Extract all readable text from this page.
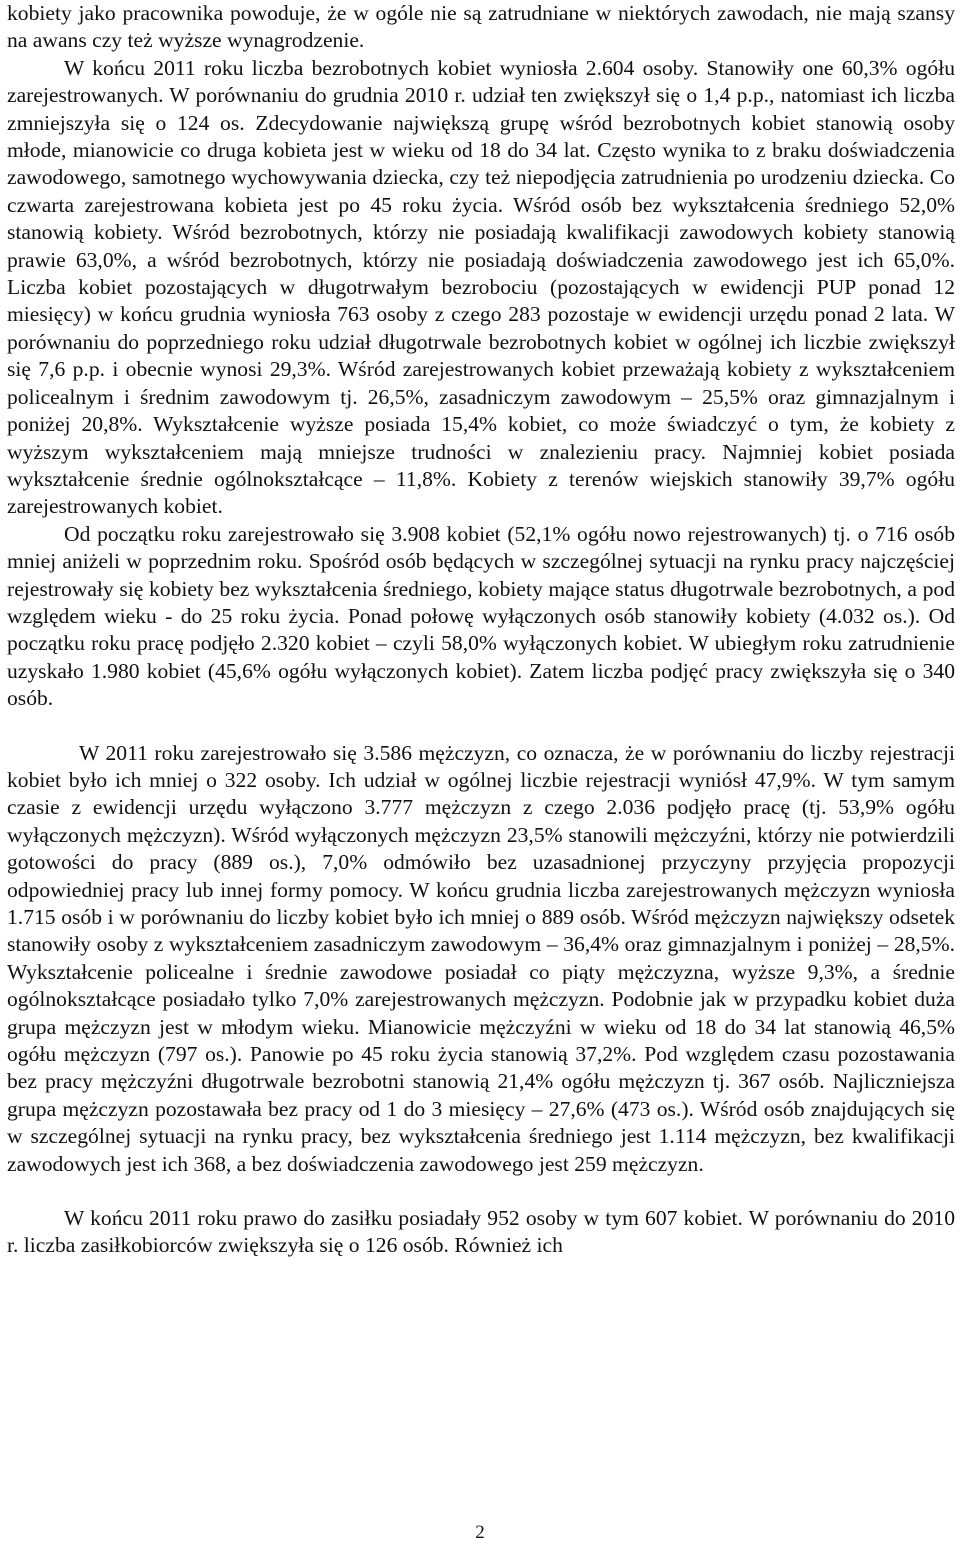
kobiety jako pracownika powoduje, że w ogóle nie są zatrudniane w niektórych zawodach, nie mają szansy na awans czy też wyższe wynagrodzenie.

W końcu 2011 roku liczba bezrobotnych kobiet wyniosła 2.604 osoby. Stanowiły one 60,3% ogółu zarejestrowanych. W porównaniu do grudnia 2010 r. udział ten zwiększył się o 1,4 p.p., natomiast ich liczba zmniejszyła się o 124 os. Zdecydowanie największą grupę wśród bezrobotnych kobiet stanowią osoby młode, mianowicie co druga kobieta jest w wieku od 18 do 34 lat. Często wynika to z braku doświadczenia zawodowego, samotnego wychowywania dziecka, czy też niepodjęcia zatrudnienia po urodzeniu dziecka. Co czwarta zarejestrowana kobieta jest po 45 roku życia. Wśród osób bez wykształcenia średniego 52,0% stanowią kobiety. Wśród bezrobotnych, którzy nie posiadają kwalifikacji zawodowych kobiety stanowią prawie 63,0%, a wśród bezrobotnych, którzy nie posiadają doświadczenia zawodowego jest ich 65,0%. Liczba kobiet pozostających w długotrwałym bezrobociu (pozostających w ewidencji PUP ponad 12 miesięcy) w końcu grudnia wyniosła 763 osoby z czego 283 pozostaje w ewidencji urzędu ponad 2 lata. W porównaniu do poprzedniego roku udział długotrwale bezrobotnych kobiet w ogólnej ich liczbie zwiększył się 7,6 p.p. i obecnie wynosi 29,3%. Wśród zarejestrowanych kobiet przeważają kobiety z wykształceniem policealnym i średnim zawodowym tj. 26,5%, zasadniczym zawodowym – 25,5% oraz gimnazjalnym i poniżej 20,8%. Wykształcenie wyższe posiada 15,4% kobiet, co może świadczyć o tym, że kobiety z wyższym wykształceniem mają mniejsze trudności w znalezieniu pracy. Najmniej kobiet posiada wykształcenie średnie ogólnokształcące – 11,8%. Kobiety z terenów wiejskich stanowiły 39,7% ogółu zarejestrowanych kobiet.

Od początku roku zarejestrowało się 3.908 kobiet (52,1% ogółu nowo rejestrowanych) tj. o 716 osób mniej aniżeli w poprzednim roku. Spośród osób będących w szczególnej sytuacji na rynku pracy najczęściej rejestrowały się kobiety bez wykształcenia średniego, kobiety mające status długotrwale bezrobotnych, a pod względem wieku - do 25 roku życia. Ponad połowę wyłączonych osób stanowiły kobiety (4.032 os.). Od początku roku pracę podjęło 2.320 kobiet – czyli 58,0% wyłączonych kobiet. W ubiegłym roku zatrudnienie uzyskało 1.980 kobiet (45,6% ogółu wyłączonych kobiet). Zatem liczba podjęć pracy zwiększyła się o 340 osób.

W 2011 roku zarejestrowało się 3.586 mężczyzn, co oznacza, że w porównaniu do liczby rejestracji kobiet było ich mniej o 322 osoby. Ich udział w ogólnej liczbie rejestracji wyniósł 47,9%. W tym samym czasie z ewidencji urzędu wyłączono 3.777 mężczyzn z czego 2.036 podjęło pracę (tj. 53,9% ogółu wyłączonych mężczyzn). Wśród wyłączonych mężczyzn 23,5% stanowili mężczyźni, którzy nie potwierdzili gotowości do pracy (889 os.), 7,0% odmówiło bez uzasadnionej przyczyny przyjęcia propozycji odpowiedniej pracy lub innej formy pomocy. W końcu grudnia liczba zarejestrowanych mężczyzn wyniosła 1.715 osób i w porównaniu do liczby kobiet było ich mniej o 889 osób. Wśród mężczyzn największy odsetek stanowiły osoby z wykształceniem zasadniczym zawodowym – 36,4% oraz gimnazjalnym i poniżej – 28,5%. Wykształcenie policealne i średnie zawodowe posiadał co piąty mężczyzna, wyższe 9,3%, a średnie ogólnokształcące posiadało tylko 7,0% zarejestrowanych mężczyzn. Podobnie jak w przypadku kobiet duża grupa mężczyzn jest w młodym wieku. Mianowicie mężczyźni w wieku od 18 do 34 lat stanowią 46,5% ogółu mężczyzn (797 os.). Panowie po 45 roku życia stanowią 37,2%. Pod względem czasu pozostawania bez pracy mężczyźni długotrwale bezrobotni stanowią 21,4% ogółu mężczyzn tj. 367 osób. Najliczniejsza grupa mężczyzn pozostawała bez pracy od 1 do 3 miesięcy – 27,6% (473 os.). Wśród osób znajdujących się w szczególnej sytuacji na rynku pracy, bez wykształcenia średniego jest 1.114 mężczyzn, bez kwalifikacji zawodowych jest ich 368, a bez doświadczenia zawodowego jest 259 mężczyzn.

W końcu 2011 roku prawo do zasiłku posiadały 952 osoby w tym 607 kobiet. W porównaniu do 2010 r. liczba zasiłkobiorców zwiększyła się o 126 osób. Również ich

2
